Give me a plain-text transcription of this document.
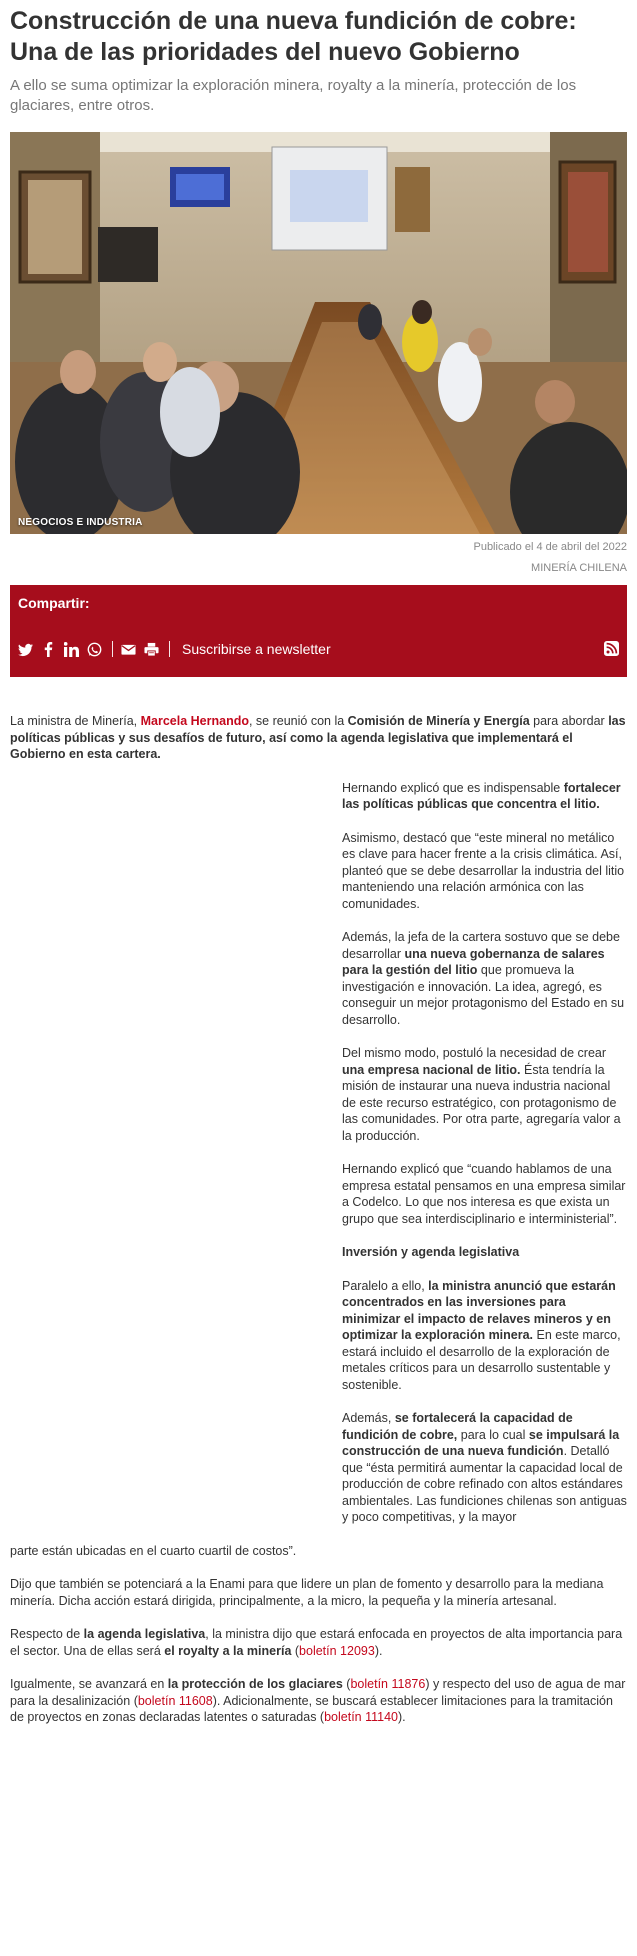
Construcción de una nueva fundición de cobre:
Una de las prioridades del nuevo Gobierno
A ello se suma optimizar la exploración minera, royalty a la minería, protección de los glaciares, entre otros.
NEGOCIOS E INDUSTRIA
Publicado el 4 de abril del 2022
MINERÍA CHILENA
Compartir:
Suscribirse a newsletter

La ministra de Minería, Marcela Hernando, se reunió con la Comisión de Minería y Energía para abordar las políticas públicas y sus desafíos de futuro, así como la agenda legislativa que implementará el Gobierno en esta cartera.

Hernando explicó que es indispensable fortalecer las políticas públicas que concentra el litio.

Asimismo, destacó que “este mineral no metálico es clave para hacer frente a la crisis climática. Así, planteó que se debe desarrollar la industria del litio manteniendo una relación armónica con las comunidades.

Además, la jefa de la cartera sostuvo que se debe desarrollar una nueva gobernanza de salares para la gestión del litio que promueva la investigación e innovación. La idea, agregó, es conseguir un mejor protagonismo del Estado en su desarrollo.

Del mismo modo, postuló la necesidad de crear una empresa nacional de litio. Ésta tendría la misión de instaurar una nueva industria nacional de este recurso estratégico, con protagonismo de las comunidades. Por otra parte, agregaría valor a la producción.

Hernando explicó que “cuando hablamos de una empresa estatal pensamos en una empresa similar a Codelco. Lo que nos interesa es que exista un grupo que sea interdisciplinario e interministerial”.

Inversión y agenda legislativa

Paralelo a ello, la ministra anunció que estarán concentrados en las inversiones para minimizar el impacto de relaves mineros y en optimizar la exploración minera. En este marco, estará incluido el desarrollo de la exploración de metales críticos para un desarrollo sustentable y sostenible.

Además, se fortalecerá la capacidad de fundición de cobre, para lo cual se impulsará la construcción de una nueva fundición. Detalló que “ésta permitirá aumentar la capacidad local de producción de cobre refinado con altos estándares ambientales. Las fundiciones chilenas son antiguas y poco competitivas, y la mayor

parte están ubicadas en el cuarto cuartil de costos”.

Dijo que también se potenciará a la Enami para que lidere un plan de fomento y desarrollo para la mediana minería. Dicha acción estará dirigida, principalmente, a la micro, la pequeña y la minería artesanal.

Respecto de la agenda legislativa, la ministra dijo que estará enfocada en proyectos de alta importancia para el sector. Una de ellas será el royalty a la minería (boletín 12093).

Igualmente, se avanzará en la protección de los glaciares (boletín 11876) y respecto del uso de agua de mar para la desalinización (boletín 11608). Adicionalmente, se buscará establecer limitaciones para la tramitación de proyectos en zonas declaradas latentes o saturadas (boletín 11140).
